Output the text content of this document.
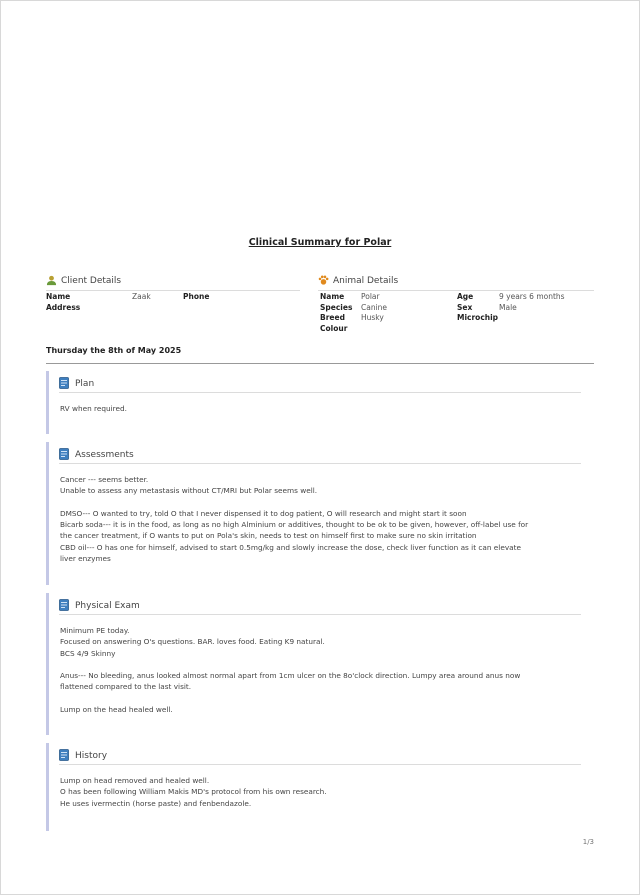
Clinical Summary for Polar
Client Details
Name
Address
Zaak	Phone
Animal Details
Name
Species
Breed
Colour
Polar
Canine
Husky
Age
Sex
Microchip
9 years 6 months
Male
Thursday the 8th of May 2025
Plan

RV when required.

Assessments

Cancer --- seems better.

Unable to assess any metastasis without CT/MRI but Polar seems well.

DMSO--- O wanted to try, told O that I never dispensed it to dog patient, O will research and might start it soon

Bicarb soda--- it is in the food, as long as no high Alminium or additives, thought to be ok to be given, however, off-label use for

the cancer treatment, if O wants to put on Pola's skin, needs to test on himself first to make sure no skin irritation

CBD oil--- O has one for himself, advised to start 0.5mg/kg and slowly increase the dose, check liver function as it can elevate

liver enzymes

Physical Exam

Minimum PE today.

Focused on answering O's questions. BAR. loves food. Eating K9 natural.

BCS 4/9 Skinny

Anus--- No bleeding, anus looked almost normal apart from 1cm ulcer on the 8o'clock direction. Lumpy area around anus now

flattened compared to the last visit.

Lump on the head healed well.

History

Lump on head removed and healed well.

O has been following William Makis MD's protocol from his own research.

He uses ivermectin (horse paste) and fenbendazole.

1/3
